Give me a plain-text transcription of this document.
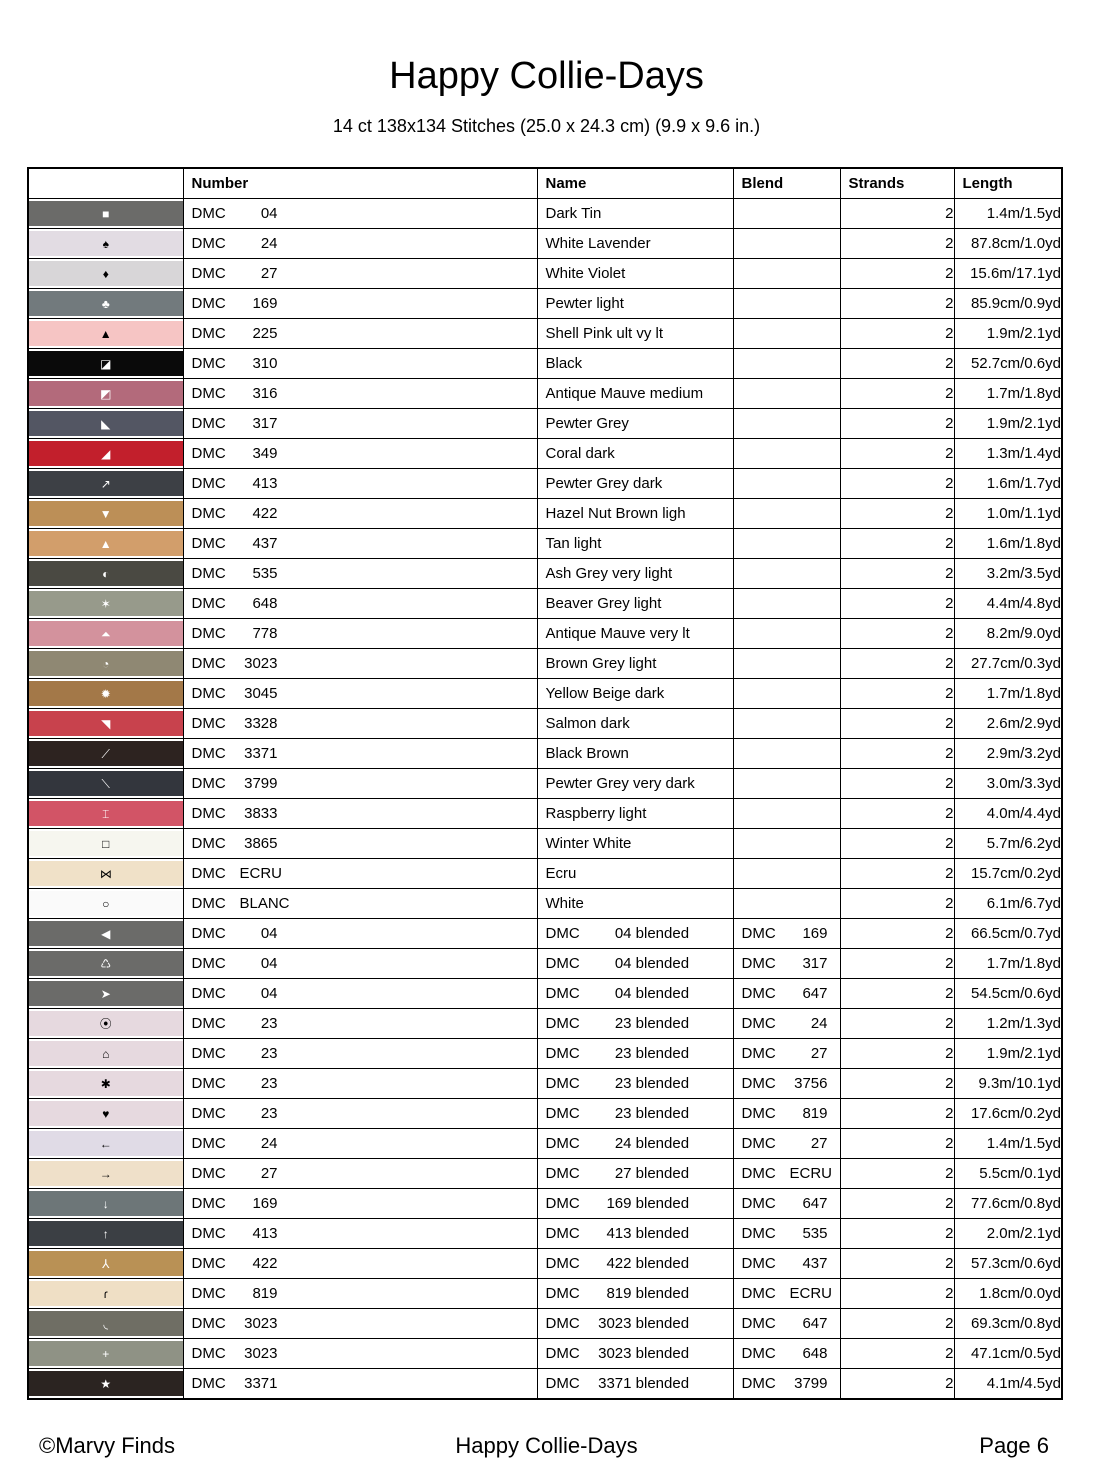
Happy Collie-Days
14 ct 138x134 Stitches (25.0 x 24.3 cm) (9.9 x 9.6 in.)
	Number	Name	Blend	Strands	Length

■	DMC 04	Dark Tin		2	1.4m/1.5yd

♠	DMC 24	White Lavender		2	87.8cm/1.0yd

♦	DMC 27	White Violet		2	15.6m/17.1yd

♣	DMC 169	Pewter light		2	85.9cm/0.9yd

▲	DMC 225	Shell Pink ult vy lt		2	1.9m/2.1yd

◪	DMC 310	Black		2	52.7cm/0.6yd

◩	DMC 316	Antique Mauve medium		2	1.7m/1.8yd

◣	DMC 317	Pewter Grey		2	1.9m/2.1yd

◢	DMC 349	Coral dark		2	1.3m/1.4yd

↗	DMC 413	Pewter Grey dark		2	1.6m/1.7yd

▼	DMC 422	Hazel Nut Brown ligh		2	1.0m/1.1yd

▲	DMC 437	Tan light		2	1.6m/1.8yd

◐	DMC 535	Ash Grey very light		2	3.2m/3.5yd

✶	DMC 648	Beaver Grey light		2	4.4m/4.8yd

⏶	DMC 778	Antique Mauve very lt		2	8.2m/9.0yd

◔	DMC 3023	Brown Grey light		2	27.7cm/0.3yd

✹	DMC 3045	Yellow Beige dark		2	1.7m/1.8yd

◥	DMC 3328	Salmon dark		2	2.6m/2.9yd

⟋	DMC 3371	Black Brown		2	2.9m/3.2yd

⟍	DMC 3799	Pewter Grey very dark		2	3.0m/3.3yd

⌶	DMC 3833	Raspberry light		2	4.0m/4.4yd

□	DMC 3865	Winter White		2	5.7m/6.2yd

⋈	DMC ECRU	Ecru		2	15.7cm/0.2yd

○	DMC BLANC	White		2	6.1m/6.7yd

◀	DMC 04	DMC 04 blended	DMC 169	2	66.5cm/0.7yd

♺	DMC 04	DMC 04 blended	DMC 317	2	1.7m/1.8yd

➤	DMC 04	DMC 04 blended	DMC 647	2	54.5cm/0.6yd

⦿	DMC 23	DMC 23 blended	DMC 24	2	1.2m/1.3yd

⌂	DMC 23	DMC 23 blended	DMC 27	2	1.9m/2.1yd

✱	DMC 23	DMC 23 blended	DMC 3756	2	9.3m/10.1yd

♥	DMC 23	DMC 23 blended	DMC 819	2	17.6cm/0.2yd

←	DMC 24	DMC 24 blended	DMC 27	2	1.4m/1.5yd

→	DMC 27	DMC 27 blended	DMC ECRU	2	5.5cm/0.1yd

↓	DMC 169	DMC 169 blended	DMC 647	2	77.6cm/0.8yd

↑	DMC 413	DMC 413 blended	DMC 535	2	2.0m/2.1yd

⅄	DMC 422	DMC 422 blended	DMC 437	2	57.3cm/0.6yd

ɾ	DMC 819	DMC 819 blended	DMC ECRU	2	1.8cm/0.0yd

◟	DMC 3023	DMC 3023 blended	DMC 647	2	69.3cm/0.8yd

+	DMC 3023	DMC 3023 blended	DMC 648	2	47.1cm/0.5yd

★	DMC 3371	DMC 3371 blended	DMC 3799	2	4.1m/4.5yd
©Marvy Finds	Happy Collie-Days	Page 6
